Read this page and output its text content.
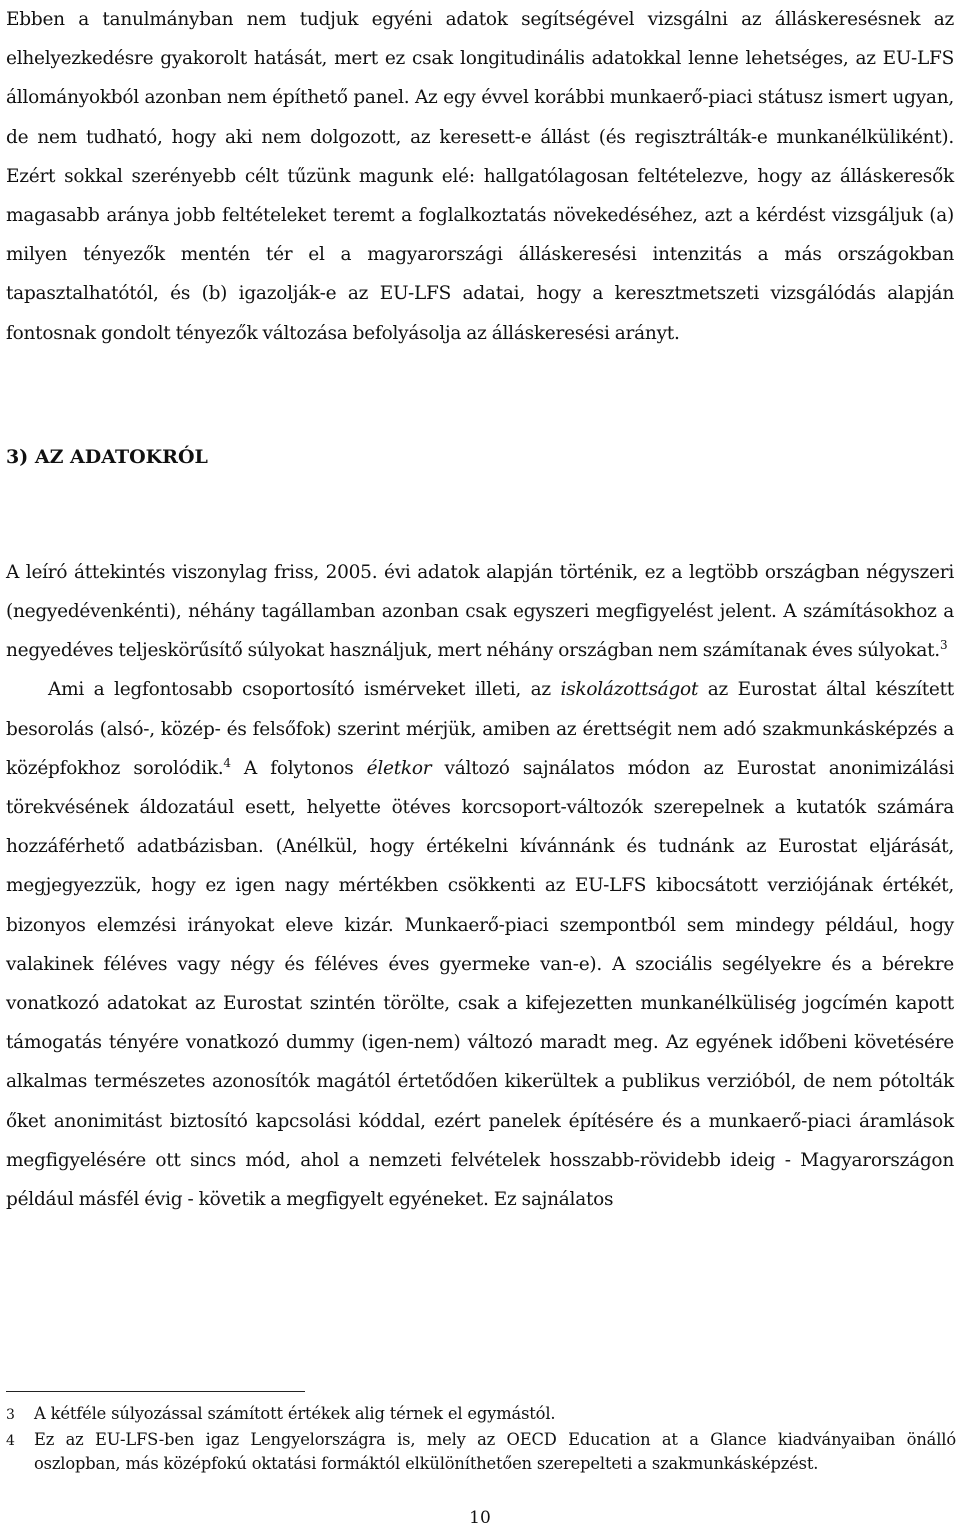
Ebben a tanulmányban nem tudjuk egyéni adatok segítségével vizsgálni az álláskeresésnek az elhelyezkedésre gyakorolt hatását, mert ez csak longitudinális adatokkal lenne lehetséges, az EU-LFS állományokból azonban nem építhető panel. Az egy évvel korábbi munkaerő-piaci státusz ismert ugyan, de nem tudható, hogy aki nem dolgozott, az keresett-e állást (és regisztrálták-e munkanélküliként). Ezért sokkal szerényebb célt tűzünk magunk elé: hallgatólagosan feltételezve, hogy az álláskeresők magasabb aránya jobb feltételeket teremt a foglalkoztatás növekedéséhez, azt a kérdést vizsgáljuk (a) milyen tényezők mentén tér el a magyarországi álláskeresési intenzitás a más országokban tapasztalhatótól, és (b) igazolják-e az EU-LFS adatai, hogy a keresztmetszeti vizsgálódás alapján fontosnak gondolt tényezők változása befolyásolja az álláskeresési arányt.

3) AZ ADATOKRÓL

A leíró áttekintés viszonylag friss, 2005. évi adatok alapján történik, ez a legtöbb országban négyszeri (negyedévenkénti), néhány tagállamban azonban csak egyszeri megfigyelést jelent. A számításokhoz a negyedéves teljeskörűsítő súlyokat használjuk, mert néhány országban nem számítanak éves súlyokat.$^3$

Ami a legfontosabb csoportosító ismérveket illeti, az iskolázottságot az Eurostat által készített besorolás (alsó-, közép- és felsőfok) szerint mérjük, amiben az érettségit nem adó szakmunkásképzés a középfokhoz sorolódik.$^4$ A folytonos életkor változó sajnálatos módon az Eurostat anonimizálási törekvésének áldozatául esett, helyette ötéves korcsoport-változók szerepelnek a kutatók számára hozzáférhető adatbázisban. (Anélkül, hogy értékelni kívánnánk és tudnánk az Eurostat eljárását, megjegyezzük, hogy ez igen nagy mértékben csökkenti az EU-LFS kibocsátott verziójának értékét, bizonyos elemzési irányokat eleve kizár. Munkaerő-piaci szempontból sem mindegy például, hogy valakinek féléves vagy négy és féléves éves gyermeke van-e). A szociális segélyekre és a bérekre vonatkozó adatokat az Eurostat szintén törölte, csak a kifejezetten munkanélküliség jogcímén kapott támogatás tényére vonatkozó dummy (igen-nem) változó maradt meg. Az egyének időbeni követésére alkalmas természetes azonosítók magától értetődően kikerültek a publikus verzióból, de nem pótolták őket anonimitást biztosító kapcsolási kóddal, ezért panelek építésére és a munkaerő-piaci áramlások megfigyelésére ott sincs mód, ahol a nemzeti felvételek hosszabb-rövidebb ideig - Magyarországon például másfél évig - követik a megfigyelt egyéneket. Ez sajnálatos

3	A kétféle súlyozással számított értékek alig térnek el egymástól.
4	Ez az EU-LFS-ben igaz Lengyelországra is, mely az OECD Education at a Glance kiadványaiban önálló oszlopban, más középfokú oktatási formáktól elkülöníthetően szerepelteti a szakmunkásképzést.
10
